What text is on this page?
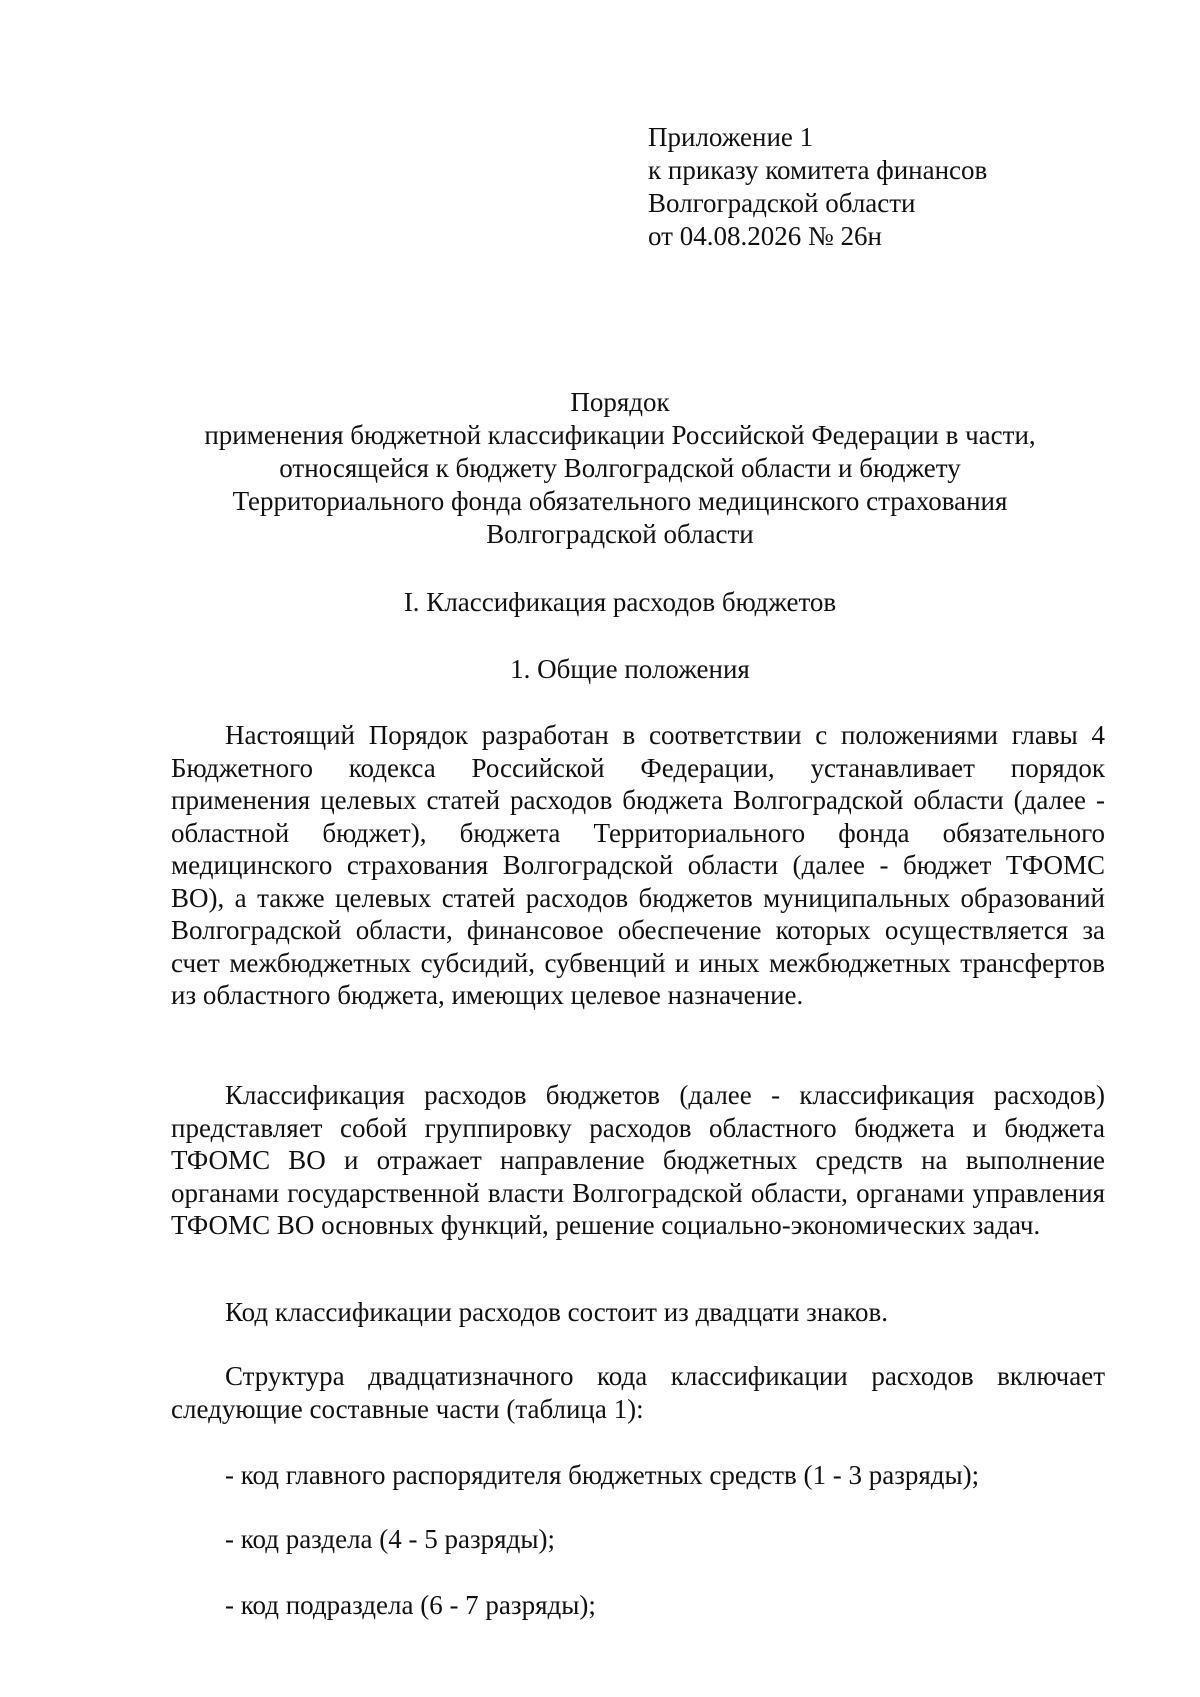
Приложение 1
к приказу комитета финансов
Волгоградской области
от 04.08.2026 № 26н
Порядок
применения бюджетной классификации Российской Федерации в части,
относящейся к бюджету Волгоградской области и бюджету
Территориального фонда обязательного медицинского страхования
Волгоградской области
I. Классификация расходов бюджетов
1. Общие положения
Настоящий Порядок разработан в соответствии с положениями главы 4 Бюджетного кодекса Российской Федерации, устанавливает порядок применения целевых статей расходов бюджета Волгоградской области (далее - областной бюджет), бюджета Территориального фонда обязательного медицинского страхования Волгоградской области (далее - бюджет ТФОМС ВО), а также целевых статей расходов бюджетов муниципальных образований Волгоградской области, финансовое обеспечение которых осуществляется за счет межбюджетных субсидий, субвенций и иных межбюджетных трансфертов из областного бюджета, имеющих целевое назначение.
Классификация расходов бюджетов (далее - классификация расходов) представляет собой группировку расходов областного бюджета и бюджета ТФОМС ВО и отражает направление бюджетных средств на выполнение органами государственной власти Волгоградской области, органами управления ТФОМС ВО основных функций, решение социально-экономических задач.
Код классификации расходов состоит из двадцати знаков.
Структура двадцатизначного кода классификации расходов включает следующие составные части (таблица 1):
- код главного распорядителя бюджетных средств (1 - 3 разряды);
- код раздела (4 - 5 разряды);
- код подраздела (6 - 7 разряды);
